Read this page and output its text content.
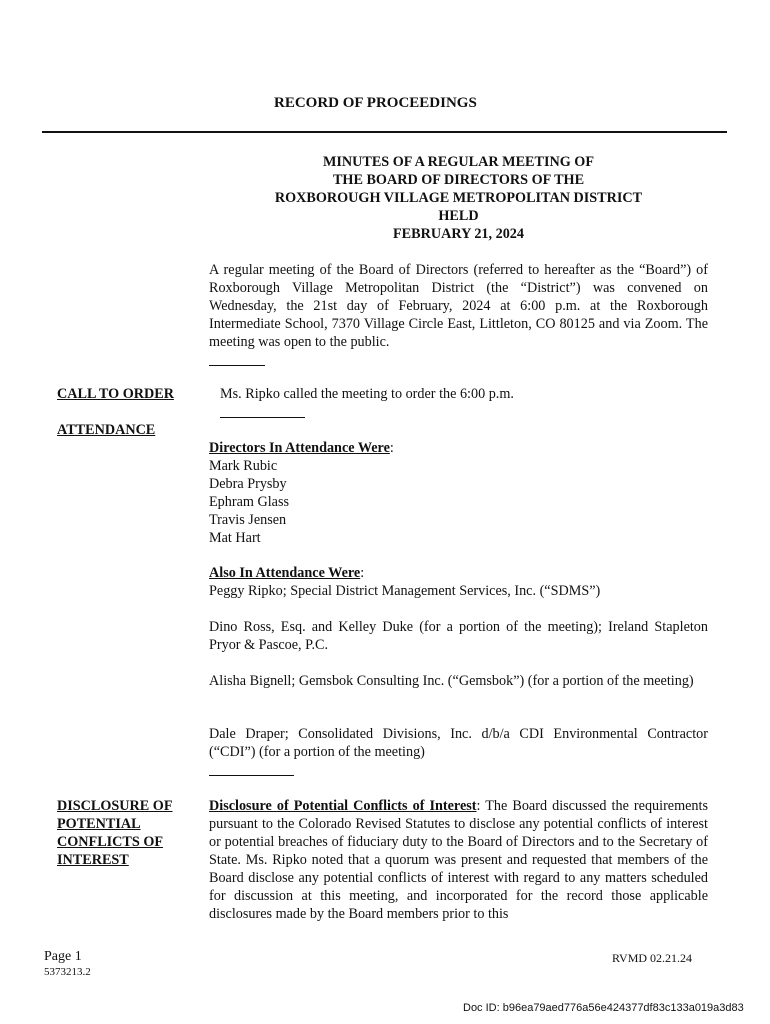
RECORD OF PROCEEDINGS
MINUTES OF A REGULAR MEETING OF
THE BOARD OF DIRECTORS OF THE
ROXBOROUGH VILLAGE METROPOLITAN DISTRICT
HELD
FEBRUARY 21, 2024
A regular meeting of the Board of Directors (referred to hereafter as the “Board”) of Roxborough Village Metropolitan District (the “District”) was convened on Wednesday, the 21st day of February, 2024 at 6:00 p.m. at the Roxborough Intermediate School, 7370 Village Circle East, Littleton, CO 80125 and via Zoom. The meeting was open to the public.
CALL TO ORDER	Ms. Ripko called the meeting to order the 6:00 p.m.
ATTENDANCE
Directors In Attendance Were:
Mark Rubic
Debra Prysby
Ephram Glass
Travis Jensen
Mat Hart
Also In Attendance Were:
Peggy Ripko; Special District Management Services, Inc. (“SDMS”)
Dino Ross, Esq. and Kelley Duke (for a portion of the meeting); Ireland Stapleton Pryor & Pascoe, P.C.
Alisha Bignell; Gemsbok Consulting Inc. (“Gemsbok”) (for a portion of the meeting)
Dale Draper; Consolidated Divisions, Inc. d/b/a CDI Environmental Contractor (“CDI”) (for a portion of the meeting)
DISCLOSURE OF
POTENTIAL
CONFLICTS OF
INTEREST
Disclosure of Potential Conflicts of Interest: The Board discussed the requirements pursuant to the Colorado Revised Statutes to disclose any potential conflicts of interest or potential breaches of fiduciary duty to the Board of Directors and to the Secretary of State. Ms. Ripko noted that a quorum was present and requested that members of the Board disclose any potential conflicts of interest with regard to any matters scheduled for discussion at this meeting, and incorporated for the record those applicable disclosures made by the Board members prior to this
Page 1
5373213.2
RVMD 02.21.24
Doc ID: b96ea79aed776a56e424377df83c133a019a3d83
